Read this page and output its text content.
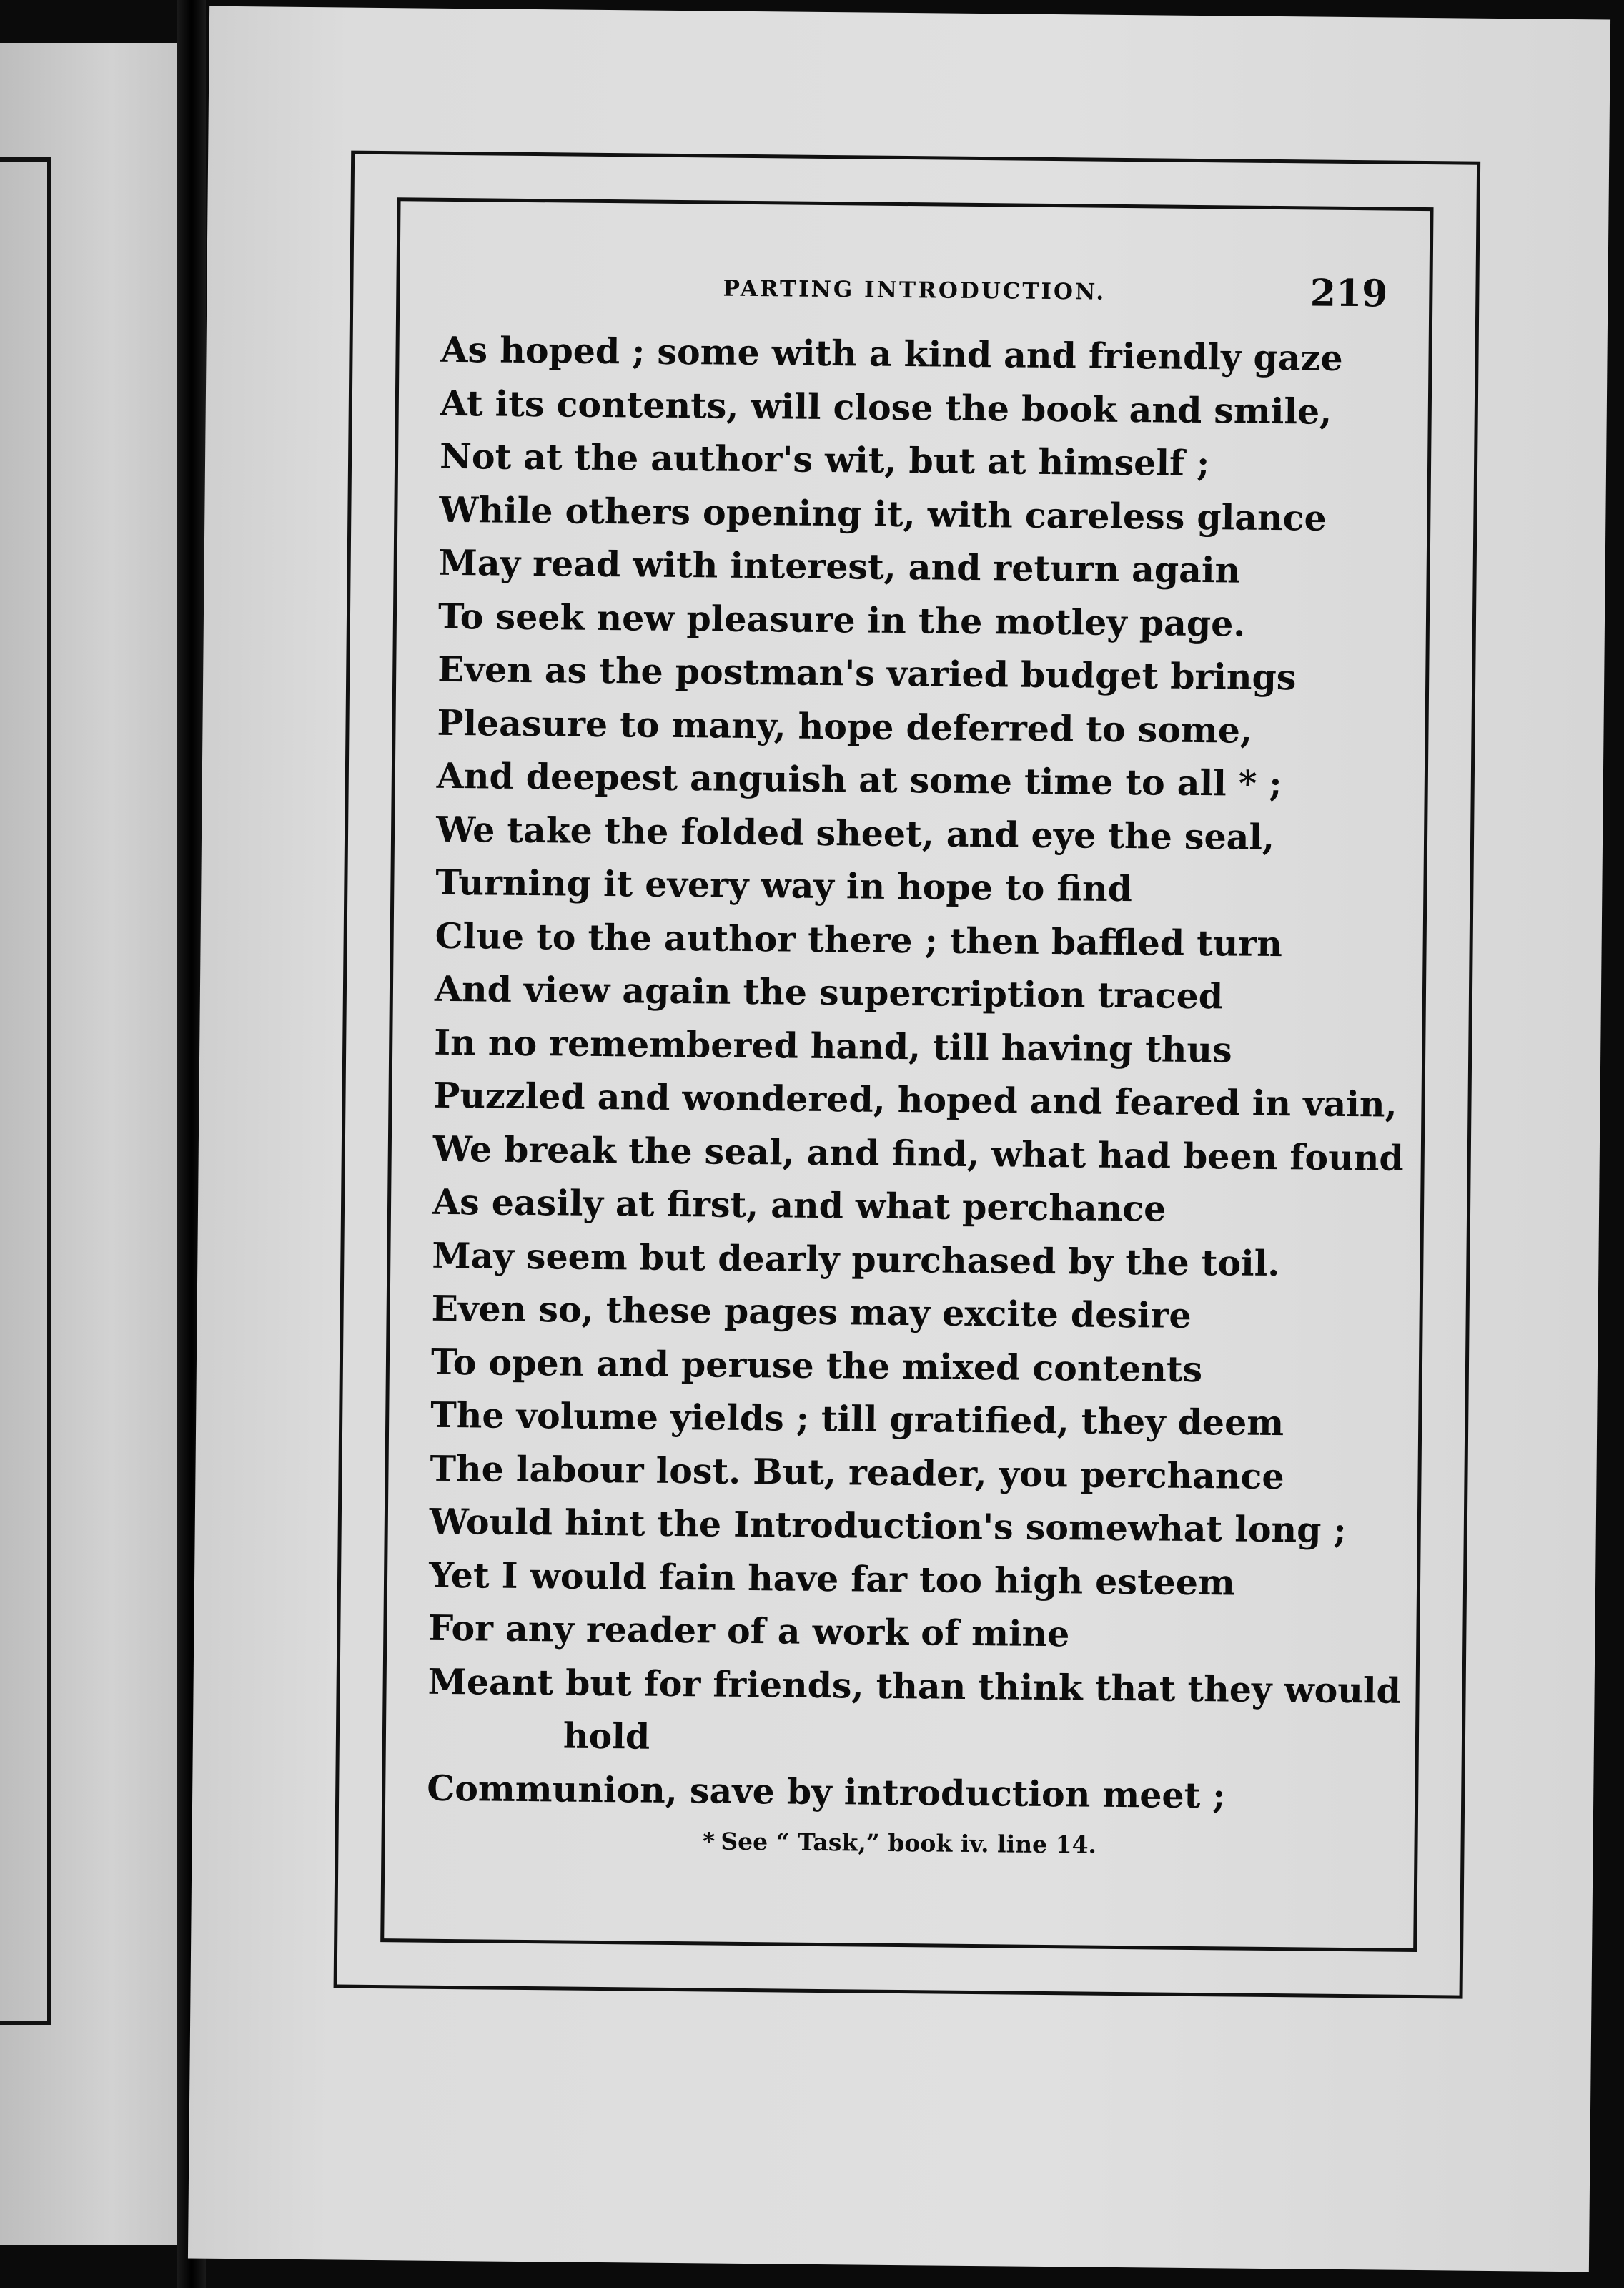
PARTING INTRODUCTION.	219
As hoped ; some with a kind and friendly gaze
At its contents, will close the book and smile,
Not at the author's wit, but at himself ;
While others opening it, with careless glance
May read with interest, and return again
To seek new pleasure in the motley page.
Even as the postman's varied budget brings
Pleasure to many, hope deferred to some,
And deepest anguish at some time to all * ;
We take the folded sheet, and eye the seal,
Turning it every way in hope to find
Clue to the author there ; then baffled turn
And view again the supercription traced
In no remembered hand, till having thus
Puzzled and wondered, hoped and feared in vain,
We break the seal, and find, what had been found
As easily at first, and what perchance
May seem but dearly purchased by the toil.
Even so, these pages may excite desire
To open and peruse the mixed contents
The volume yields ; till gratified, they deem
The labour lost. But, reader, you perchance
Would hint the Introduction's somewhat long ;
Yet I would fain have far too high esteem
For any reader of a work of mine
Meant but for friends, than think that they would
hold
Communion, save by introduction meet ;
* See “ Task,” book iv. line 14.
